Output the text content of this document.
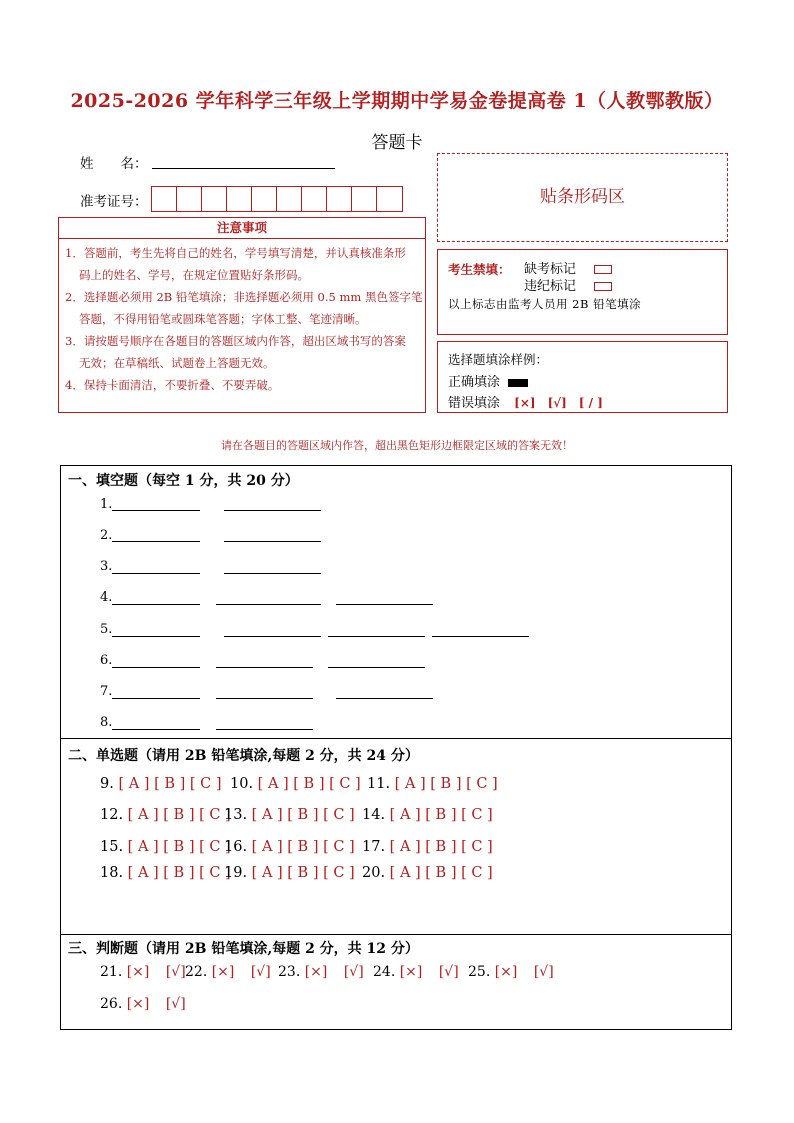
2025-2026 学年科学三年级上学期期中学易金卷提高卷 1（人教鄂教版）
答题卡
姓　　名：
准考证号：
注意事项
1．答题前，考生先将自己的姓名，学号填写清楚，并认真核准条形
码上的姓名、学号，在规定位置贴好条形码。
2．选择题必须用 2B 铅笔填涂；非选择题必须用 0.5 mm 黑色签字笔
答题，不得用铅笔或圆珠笔答题；字体工整、笔迹清晰。
3．请按题号顺序在各题目的答题区域内作答，超出区域书写的答案
无效；在草稿纸、试题卷上答题无效。
4．保持卡面清洁，不要折叠、不要弄破。
贴条形码区
考生禁填： 缺考标记
违纪标记
以上标志由监考人员用 2B 铅笔填涂
选择题填涂样例：
正确填涂
错误填涂 [×]　[√]　[ / ]
请在各题目的答题区域内作答，超出黑色矩形边框限定区域的答案无效！
一、填空题（每空 1 分，共 20 分）
1.
2.
3.
4.
5.
6.
7.
8.
二、单选题（请用 2B 铅笔填涂,每题 2 分，共 24 分）
9. [ A ] [ B ] [ C ] 10. [ A ] [ B ] [ C ] 11. [ A ] [ B ] [ C ]
12. [ A ] [ B ] [ C ]
13. [ A ] [ B ] [ C ] 14. [ A ] [ B ] [ C ]
15. [ A ] [ B ] [ C ]
16. [ A ] [ B ] [ C ] 17. [ A ] [ B ] [ C ]
18. [ A ] [ B ] [ C ]
19. [ A ] [ B ] [ C ] 20. [ A ] [ B ] [ C ]
三、判断题（请用 2B 铅笔填涂,每题 2 分，共 12 分）
21. [×] [√] 22. [×] [√] 23. [×] [√] 24. [×] [√] 25. [×] [√]
26. [×] [√]
